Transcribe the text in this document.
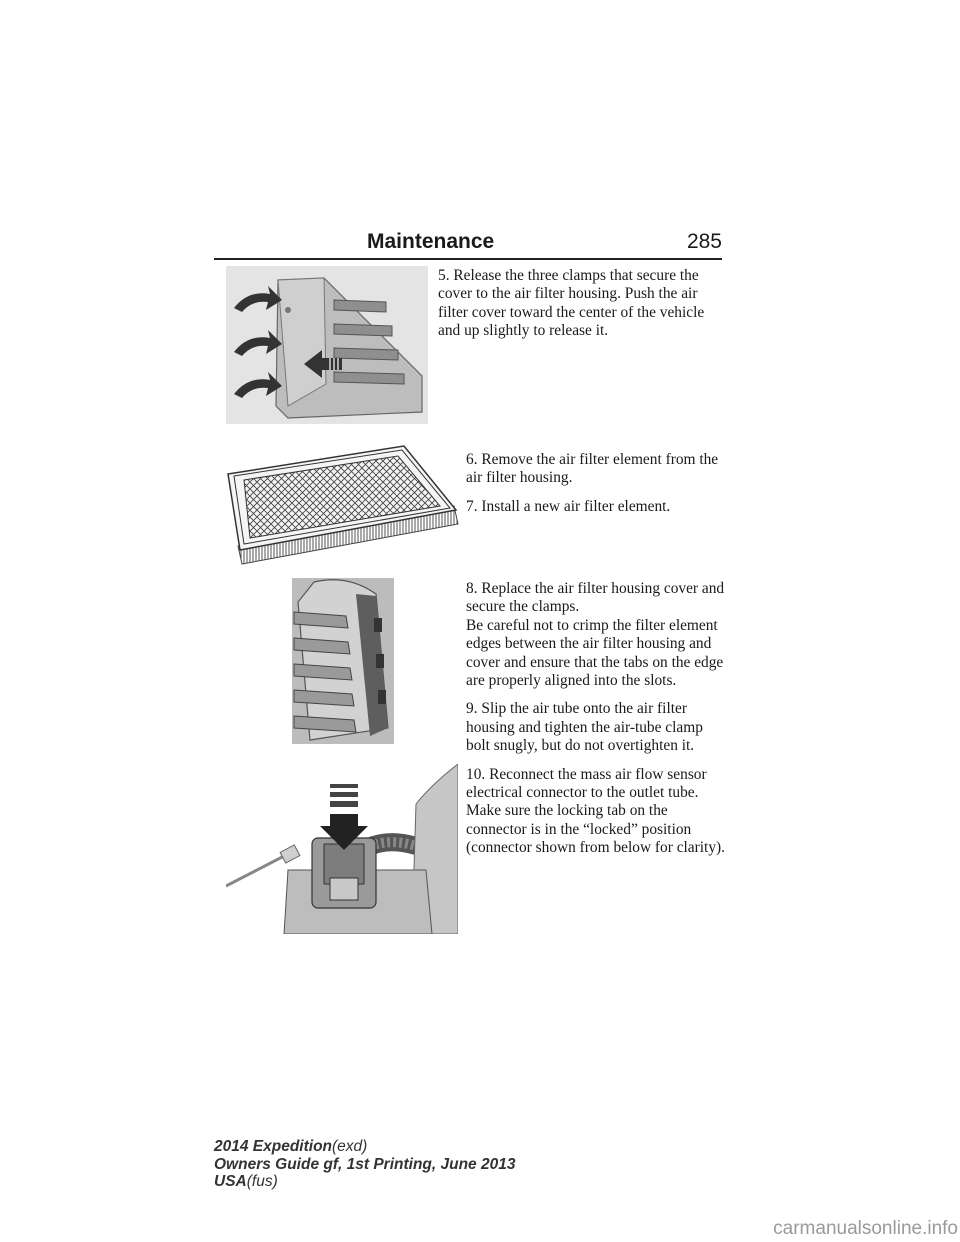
Maintenance	285

5. Release the three clamps that secure the cover to the air filter housing. Push the air filter cover toward the center of the vehicle and up slightly to release it.

6. Remove the air filter element from the air filter housing.

7. Install a new air filter element.

8. Replace the air filter housing cover and secure the clamps.

Be careful not to crimp the filter element edges between the air filter housing and cover and ensure that the tabs on the edge are properly aligned into the slots.

9. Slip the air tube onto the air filter housing and tighten the air-tube clamp bolt snugly, but do not overtighten it.

10. Reconnect the mass air flow sensor electrical connector to the outlet tube. Make sure the locking tab on the connector is in the “locked” position (connector shown from below for clarity).

2014 Expedition(exd)
Owners Guide gf, 1st Printing, June 2013
USA(fus)
carmanualsonline.info
